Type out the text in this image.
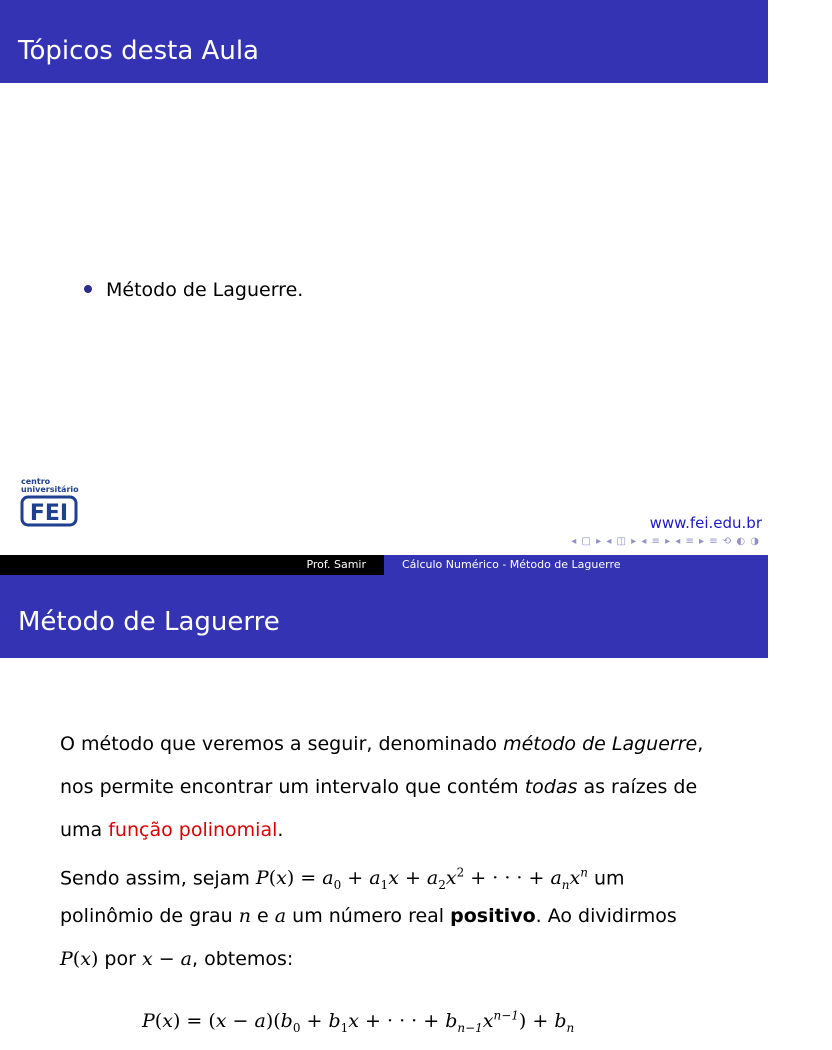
Tópicos desta Aula
Método de Laguerre.
centro
universitário
FEI	www.fei.edu.br
◂ □ ▸ ◂ ◫ ▸ ◂ ≡ ▸ ◂ ≡ ▸ ≡ ⟲ ◐ ◑
Prof. Samir	Cálculo Numérico - Método de Laguerre
Método de Laguerre
O método que veremos a seguir, denominado método de Laguerre,
nos permite encontrar um intervalo que contém todas as raízes de
uma função polinomial.
Sendo assim, sejam $P(x) = a_0 + a_1x + a_2x^2$ + · · · + $a_nx^n$ um
polinômio de grau n e a um número real positivo. Ao dividirmos
P(x) por x − a, obtemos:
$P(x) = (x - a)(b_0 + b_1x$ + · · · + $b_{n-1}x^{n-1}) + b_n$
